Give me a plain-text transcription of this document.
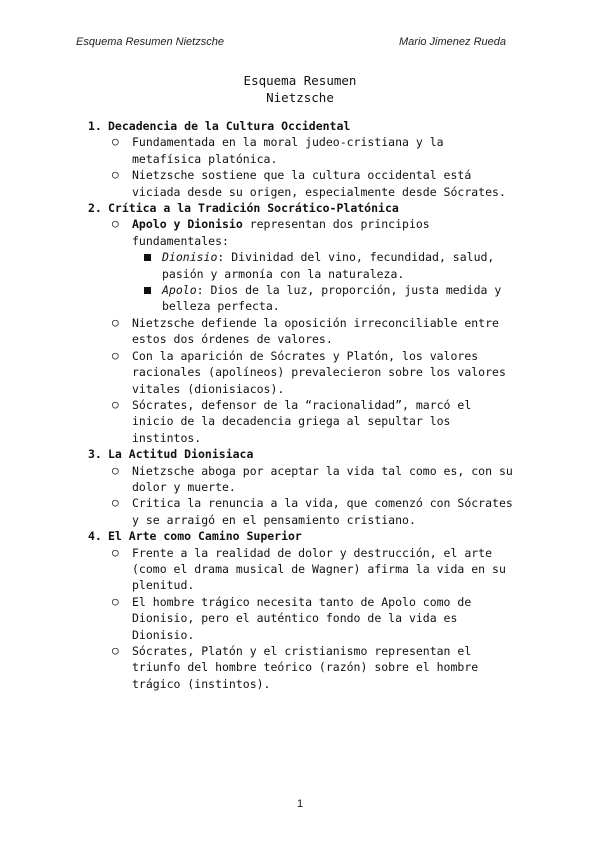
Esquema Resumen Nietzsche	Mario Jimenez Rueda
Esquema Resumen
Nietzsche
1. Decadencia de la Cultura Occidental
○ Fundamentada en la moral judeo-cristiana y la metafísica platónica.
○ Nietzsche sostiene que la cultura occidental está viciada desde su origen, especialmente desde Sócrates.
2. Crítica a la Tradición Socrático-Platónica
○ Apolo y Dionisio representan dos principios fundamentales:
Dionisio: Divinidad del vino, fecundidad, salud, pasión y armonía con la naturaleza.
Apolo: Dios de la luz, proporción, justa medida y belleza perfecta.
○ Nietzsche defiende la oposición irreconciliable entre estos dos órdenes de valores.
○ Con la aparición de Sócrates y Platón, los valores racionales (apolíneos) prevalecieron sobre los valores vitales (dionisiacos).
○ Sócrates, defensor de la “racionalidad”, marcó el inicio de la decadencia griega al sepultar los instintos.
3. La Actitud Dionisiaca
○ Nietzsche aboga por aceptar la vida tal como es, con su dolor y muerte.
○ Critica la renuncia a la vida, que comenzó con Sócrates y se arraigó en el pensamiento cristiano.
4. El Arte como Camino Superior
○ Frente a la realidad de dolor y destrucción, el arte (como el drama musical de Wagner) afirma la vida en su plenitud.
○ El hombre trágico necesita tanto de Apolo como de Dionisio, pero el auténtico fondo de la vida es Dionisio.
○ Sócrates, Platón y el cristianismo representan el triunfo del hombre teórico (razón) sobre el hombre trágico (instintos).
1
